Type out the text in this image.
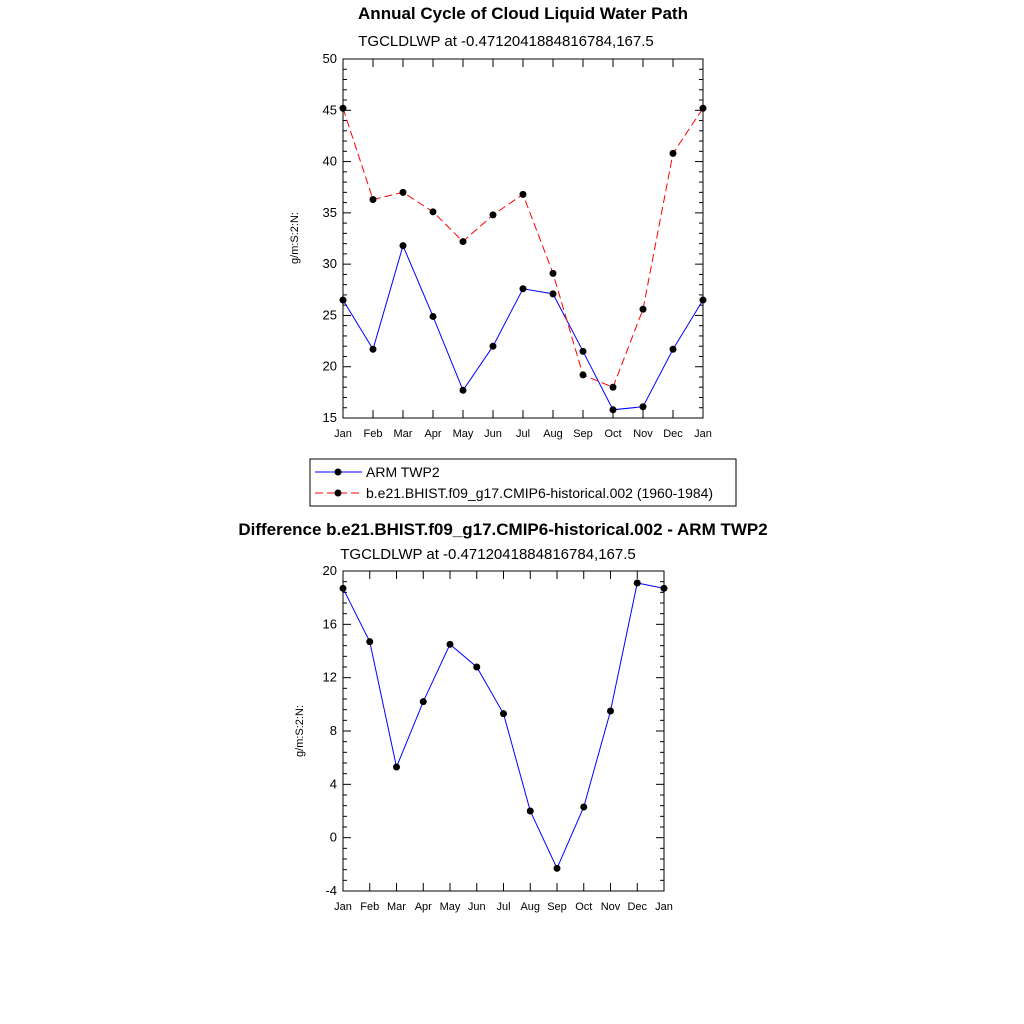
Annual Cycle of Cloud Liquid Water Path
TGCLDLWP at -0.4712041884816784,167.5
g/m:S:2:N:
15
20
25
30
35
40
45
50
Jan Feb Mar Apr May Jun Jul Aug Sep Oct Nov Dec Jan
ARM TWP2
b.e21.BHIST.f09_g17.CMIP6-historical.002 (1960-1984)
Difference b.e21.BHIST.f09_g17.CMIP6-historical.002 - ARM TWP2
TGCLDLWP at -0.4712041884816784,167.5
g/m:S:2:N:
-4
0
4
8
12
16
20
Jan Feb Mar Apr May Jun Jul Aug Sep Oct Nov Dec Jan
